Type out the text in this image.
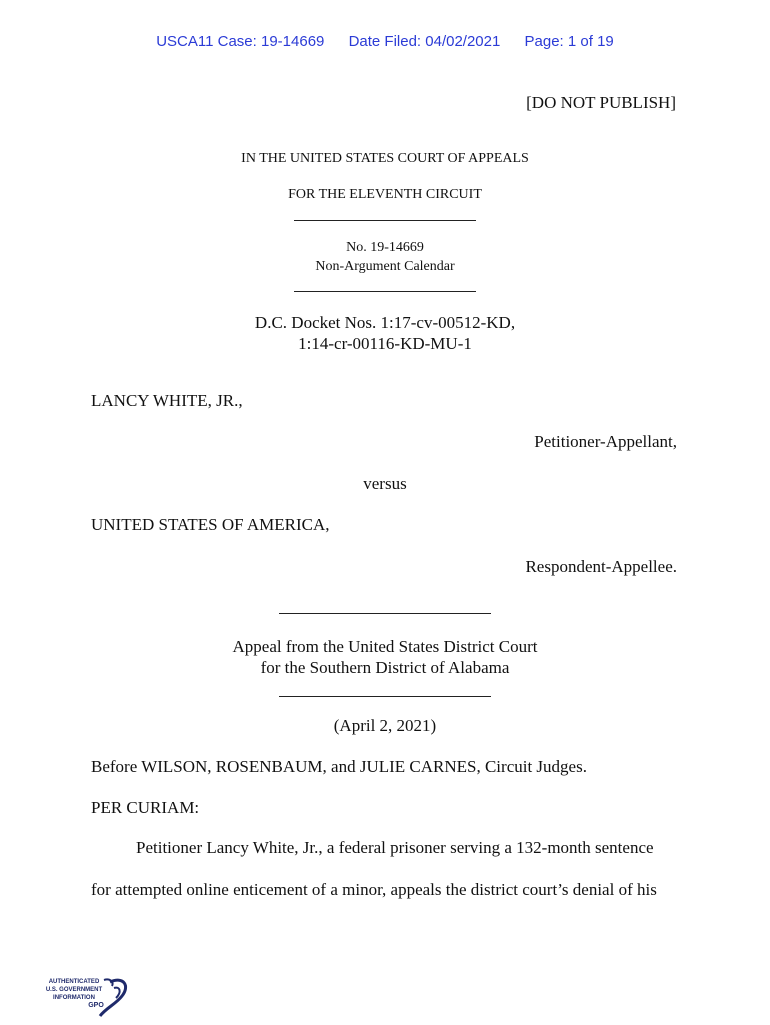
USCA11 Case: 19-14669 Date Filed: 04/02/2021 Page: 1 of 19
[DO NOT PUBLISH]
IN THE UNITED STATES COURT OF APPEALS
FOR THE ELEVENTH CIRCUIT
No. 19-14669
Non-Argument Calendar
D.C. Docket Nos. 1:17-cv-00512-KD,
1:14-cr-00116-KD-MU-1
LANCY WHITE, JR.,
Petitioner-Appellant,
versus
UNITED STATES OF AMERICA,
Respondent-Appellee.
Appeal from the United States District Court
for the Southern District of Alabama
(April 2, 2021)
Before WILSON, ROSENBAUM, and JULIE CARNES, Circuit Judges.
PER CURIAM:
Petitioner Lancy White, Jr., a federal prisoner serving a 132-month sentence
for attempted online enticement of a minor, appeals the district court’s denial of his
AUTHENTICATED
U.S. GOVERNMENT
INFORMATION
GPO
